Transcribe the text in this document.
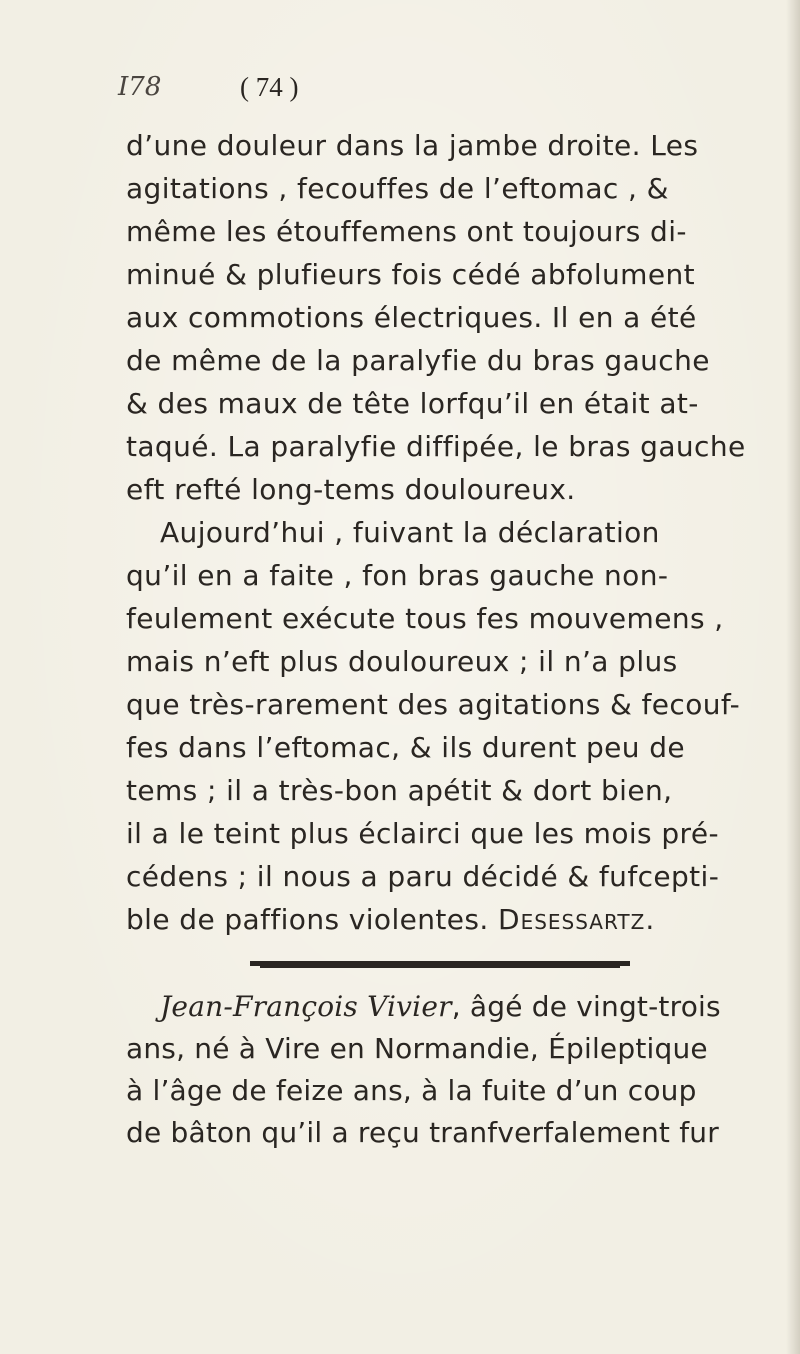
I78	( 74 )
d’une douleur dans la jambe droite. Les
agitations , fecouffes de l’eftomac , &
même les étouffemens ont toujours di-
minué & plufieurs fois cédé abfolument
aux commotions électriques. Il en a été
de même de la paralyfie du bras gauche
& des maux de tête lorfqu’il en était at-
taqué. La paralyfie diffipée, le bras gauche
eft refté long-tems douloureux.
Aujourd’hui , fuivant la déclaration
qu’il en a faite , fon bras gauche non-
feulement exécute tous fes mouvemens ,
mais n’eft plus douloureux ; il n’a plus
que très-rarement des agitations & fecouf-
fes dans l’eftomac, & ils durent peu de
tems ; il a très-bon apétit & dort bien,
il a le teint plus éclairci que les mois pré-
cédens ; il nous a paru décidé & fufcepti-
ble de paffions violentes. Desessartz.
Jean-François Vivier, âgé de vingt-trois
ans, né à Vire en Normandie, Épileptique
à l’âge de feize ans, à la fuite d’un coup
de bâton qu’il a reçu tranfverfalement fur
